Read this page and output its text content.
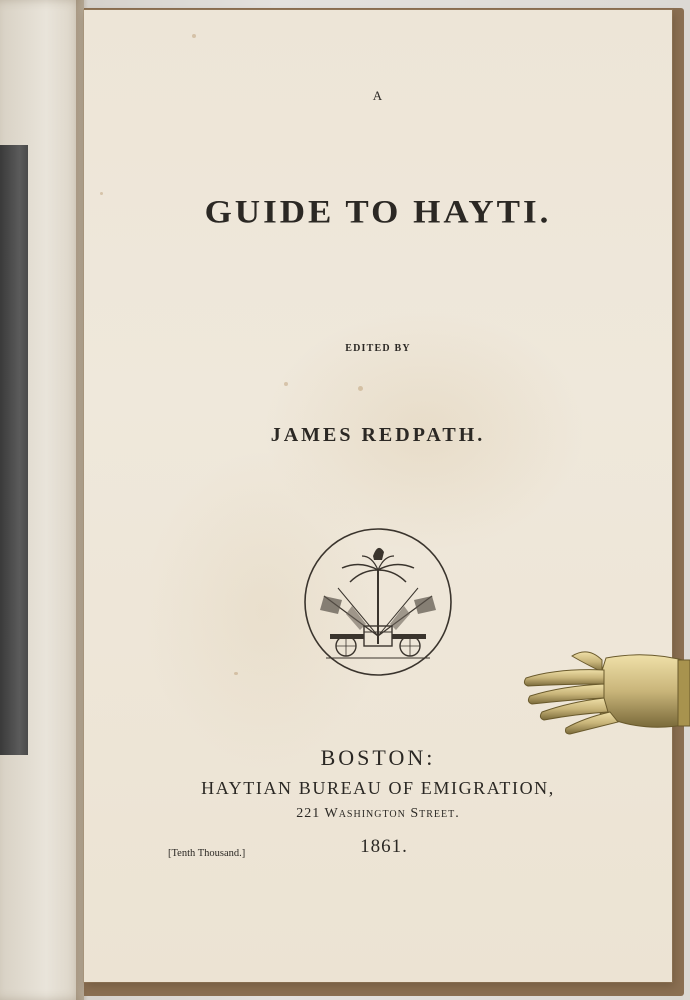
A

GUIDE TO HAYTI.

EDITED BY

JAMES REDPATH.

BOSTON:

HAYTIAN BUREAU OF EMIGRATION,

221 Washington Street.

[Tenth Thousand.]	1861.
